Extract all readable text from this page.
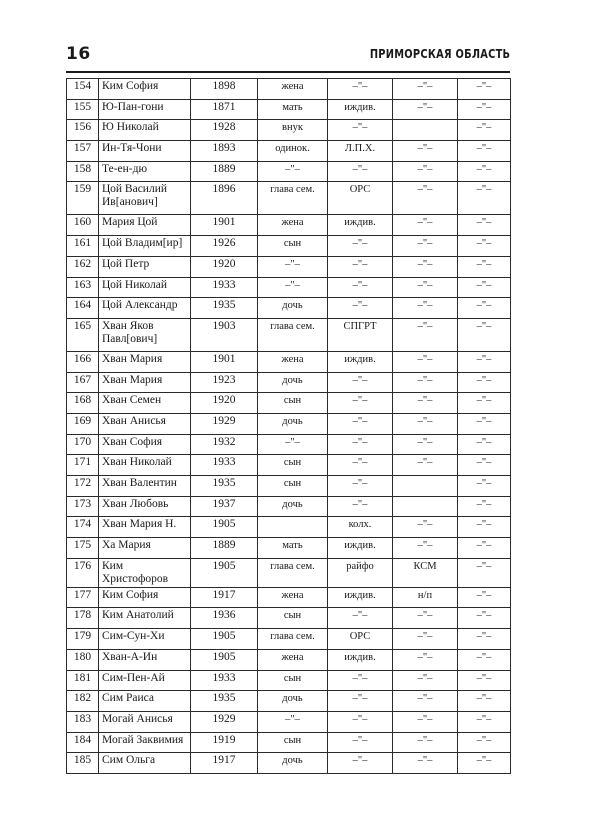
16	ПРИМОРСКАЯ ОБЛАСТЬ
154	Ким София	1898	жена	–"–	–"–	–"–
155	Ю-Пан-гони	1871	мать	иждив.	–"–	–"–
156	Ю Николай	1928	внук	–"–		–"–
157	Ин-Тя-Чони	1893	одинок.	Л.П.Х.	–"–	–"–
158	Те-ен-дю	1889	–"–	–"–	–"–	–"–
159	Цой Василий Ив[анович]	1896	глава сем.	ОРС	–"–	–"–
160	Мария Цой	1901	жена	иждив.	–"–	–"–
161	Цой Владим[ир]	1926	сын	–"–	–"–	–"–
162	Цой Петр	1920	–"–	–"–	–"–	–"–
163	Цой Николай	1933	–"–	–"–	–"–	–"–
164	Цой Александр	1935	дочь	–"–	–"–	–"–
165	Хван Яков Павл[ович]	1903	глава сем.	СПГРТ	–"–	–"–
166	Хван Мария	1901	жена	иждив.	–"–	–"–
167	Хван Мария	1923	дочь	–"–	–"–	–"–
168	Хван Семен	1920	сын	–"–	–"–	–"–
169	Хван Анисья	1929	дочь	–"–	–"–	–"–
170	Хван София	1932	–"–	–"–	–"–	–"–
171	Хван Николай	1933	сын	–"–	–"–	–"–
172	Хван Валентин	1935	сын	–"–		–"–
173	Хван Любовь	1937	дочь	–"–		–"–
174	Хван Мария Н.	1905		колх.	–"–	–"–
175	Ха Мария	1889	мать	иждив.	–"–	–"–
176	Ким Христофоров	1905	глава сем.	райфо	КСМ	–"–
177	Ким София	1917	жена	иждив.	н/п	–"–
178	Ким Анатолий	1936	сын	–"–	–"–	–"–
179	Сим-Сун-Хи	1905	глава сем.	ОРС	–"–	–"–
180	Хван-А-Ин	1905	жена	иждив.	–"–	–"–
181	Сим-Пен-Ай	1933	сын	–"–	–"–	–"–
182	Сим Раиса	1935	дочь	–"–	–"–	–"–
183	Могай Анисья	1929	–"–	–"–	–"–	–"–
184	Могай Заквимия	1919	сын	–"–	–"–	–"–
185	Сим Ольга	1917	дочь	–"–	–"–	–"–
